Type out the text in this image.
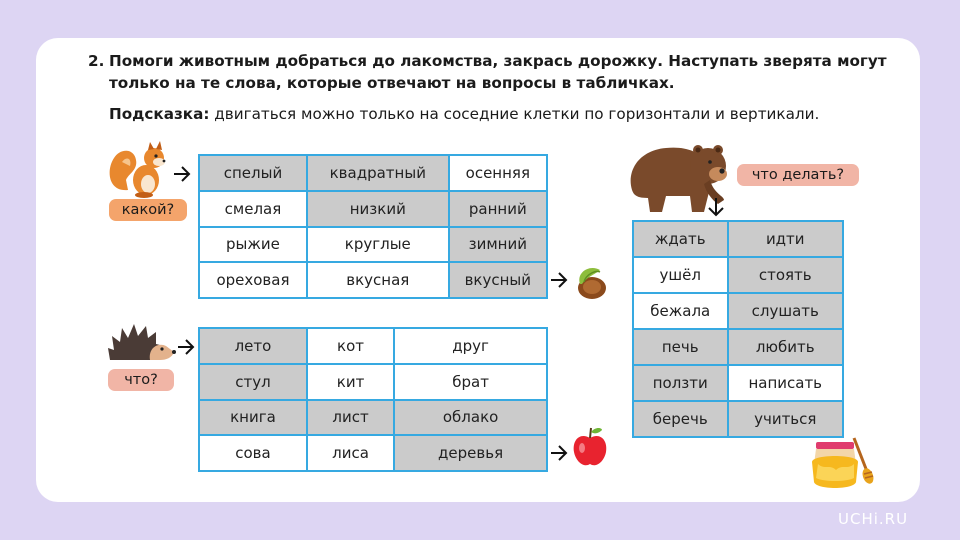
2. Помоги животным добраться до лакомства, закрась дорожку. Наступать зверята могут только на те слова, которые отвечают на вопросы в табличках.
Подсказка: двигаться можно только на соседние клетки по горизонтали и вертикали.
какой?
спелый	квадратный	осенняя
смелая	низкий	ранний
рыжие	круглые	зимний
ореховая	вкусная	вкусный
что?
лето	кот	друг
стул	кит	брат
книга	лист	облако
сова	лиса	деревья
что делать?
ждать	идти
ушёл	стоять
бежала	слушать
печь	любить
ползти	написать
беречь	учиться
UCHi.RU
